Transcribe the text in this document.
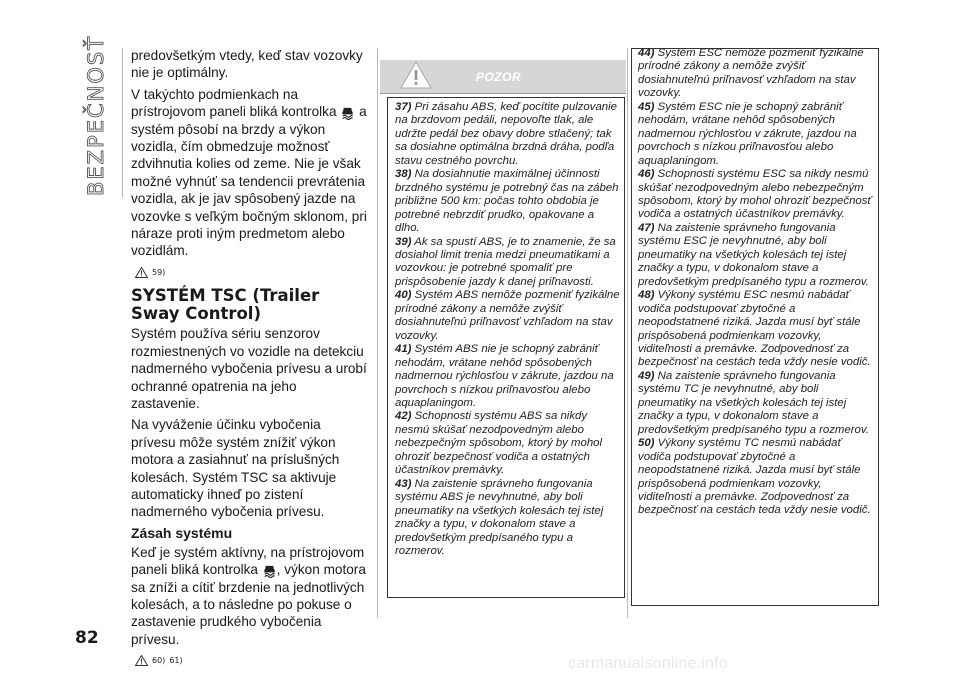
BEZPEČNOSŤ predovšetkým vtedy, keď stav vozovky nie je optimálny.

V takýchto podmienkach na prístrojovom paneli bliká kontrolka a systém pôsobí na brzdy a výkon vozidla, čím obmedzuje možnosť zdvihnutia kolies od zeme. Nie je však možné vyhnúť sa tendencii prevrátenia vozidla, ak je jav spôsobený jazde na vozovke s veľkým bočným sklonom, pri náraze proti iným predmetom alebo vozidlám.

59)
SYSTÉM TSC (Trailer Sway Control)

Systém používa sériu senzorov rozmiestnených vo vozidle na detekciu nadmerného vybočenia prívesu a urobí ochranné opatrenia na jeho zastavenie.

Na vyváženie účinku vybočenia prívesu môže systém znížiť výkon motora a zasiahnuť na príslušných kolesách. Systém TSC sa aktivuje automaticky ihneď po zistení nadmerného vybočenia prívesu.

Zásah systému

Keď je systém aktívny, na prístrojovom paneli bliká kontrolka , výkon motora sa zníži a cítiť brzdenie na jednotlivých kolesách, a to následne po pokuse o zastavenie prudkého vybočenia prívesu.

60) 61)
POZOR

37) Pri zásahu ABS, keď pocítite pulzovanie na brzdovom pedáli, nepovoľte tlak, ale udržte pedál bez obavy dobre stlačený; tak sa dosiahne optimálna brzdná dráha, podľa stavu cestného povrchu.

38) Na dosiahnutie maximálnej účinnosti brzdného systému je potrebný čas na zábeh približne 500 km: počas tohto obdobia je potrebné nebrzdiť prudko, opakovane a dlho.

39) Ak sa spustí ABS, je to znamenie, že sa dosiahol limit trenia medzi pneumatikami a vozovkou: je potrebné spomaliť pre prispôsobenie jazdy k danej priľnavosti.

40) Systém ABS nemôže pozmeniť fyzikálne prírodné zákony a nemôže zvýšiť dosiahnuteľnú priľnavosť vzhľadom na stav vozovky.

41) Systém ABS nie je schopný zabrániť nehodám, vrátane nehôd spôsobených nadmernou rýchlosťou v zákrute, jazdou na povrchoch s nízkou priľnavosťou alebo aquaplaningom.

42) Schopnosti systému ABS sa nikdy nesmú skúšať nezodpovedným alebo nebezpečným spôsobom, ktorý by mohol ohroziť bezpečnosť vodiča a ostatných účastníkov premávky.

43) Na zaistenie správneho fungovania systému ABS je nevyhnutné, aby boli pneumatiky na všetkých kolesách tej istej značky a typu, v dokonalom stave a predovšetkým predpísaného typu a rozmerov.

44) Systém ESC nemôže pozmeniť fyzikálne prírodné zákony a nemôže zvýšiť dosiahnuteľnú priľnavosť vzhľadom na stav vozovky.

45) Systém ESC nie je schopný zabrániť nehodám, vrátane nehôd spôsobených nadmernou rýchlosťou v zákrute, jazdou na povrchoch s nízkou priľnavosťou alebo aquaplaningom.

46) Schopnosti systému ESC sa nikdy nesmú skúšať nezodpovedným alebo nebezpečným spôsobom, ktorý by mohol ohroziť bezpečnosť vodiča a ostatných účastníkov premávky.

47) Na zaistenie správneho fungovania systému ESC je nevyhnutné, aby boli pneumatiky na všetkých kolesách tej istej značky a typu, v dokonalom stave a predovšetkým predpísaného typu a rozmerov.

48) Výkony systému ESC nesmú nabádať vodiča podstupovať zbytočné a neopodstatnené riziká. Jazda musí byť stále prispôsobená podmienkam vozovky, viditeľnosti a premávke. Zodpovednosť za bezpečnosť na cestách teda vždy nesie vodič.

49) Na zaistenie správneho fungovania systému TC je nevyhnutné, aby boli pneumatiky na všetkých kolesách tej istej značky a typu, v dokonalom stave a predovšetkým predpísaného typu a rozmerov.

50) Výkony systému TC nesmú nabádať vodiča podstupovať zbytočné a neopodstatnené riziká. Jazda musí byť stále prispôsobená podmienkam vozovky, viditeľnosti a premávke. Zodpovednosť za bezpečnosť na cestách teda vždy nesie vodič.

82
carmanualsonline.info
